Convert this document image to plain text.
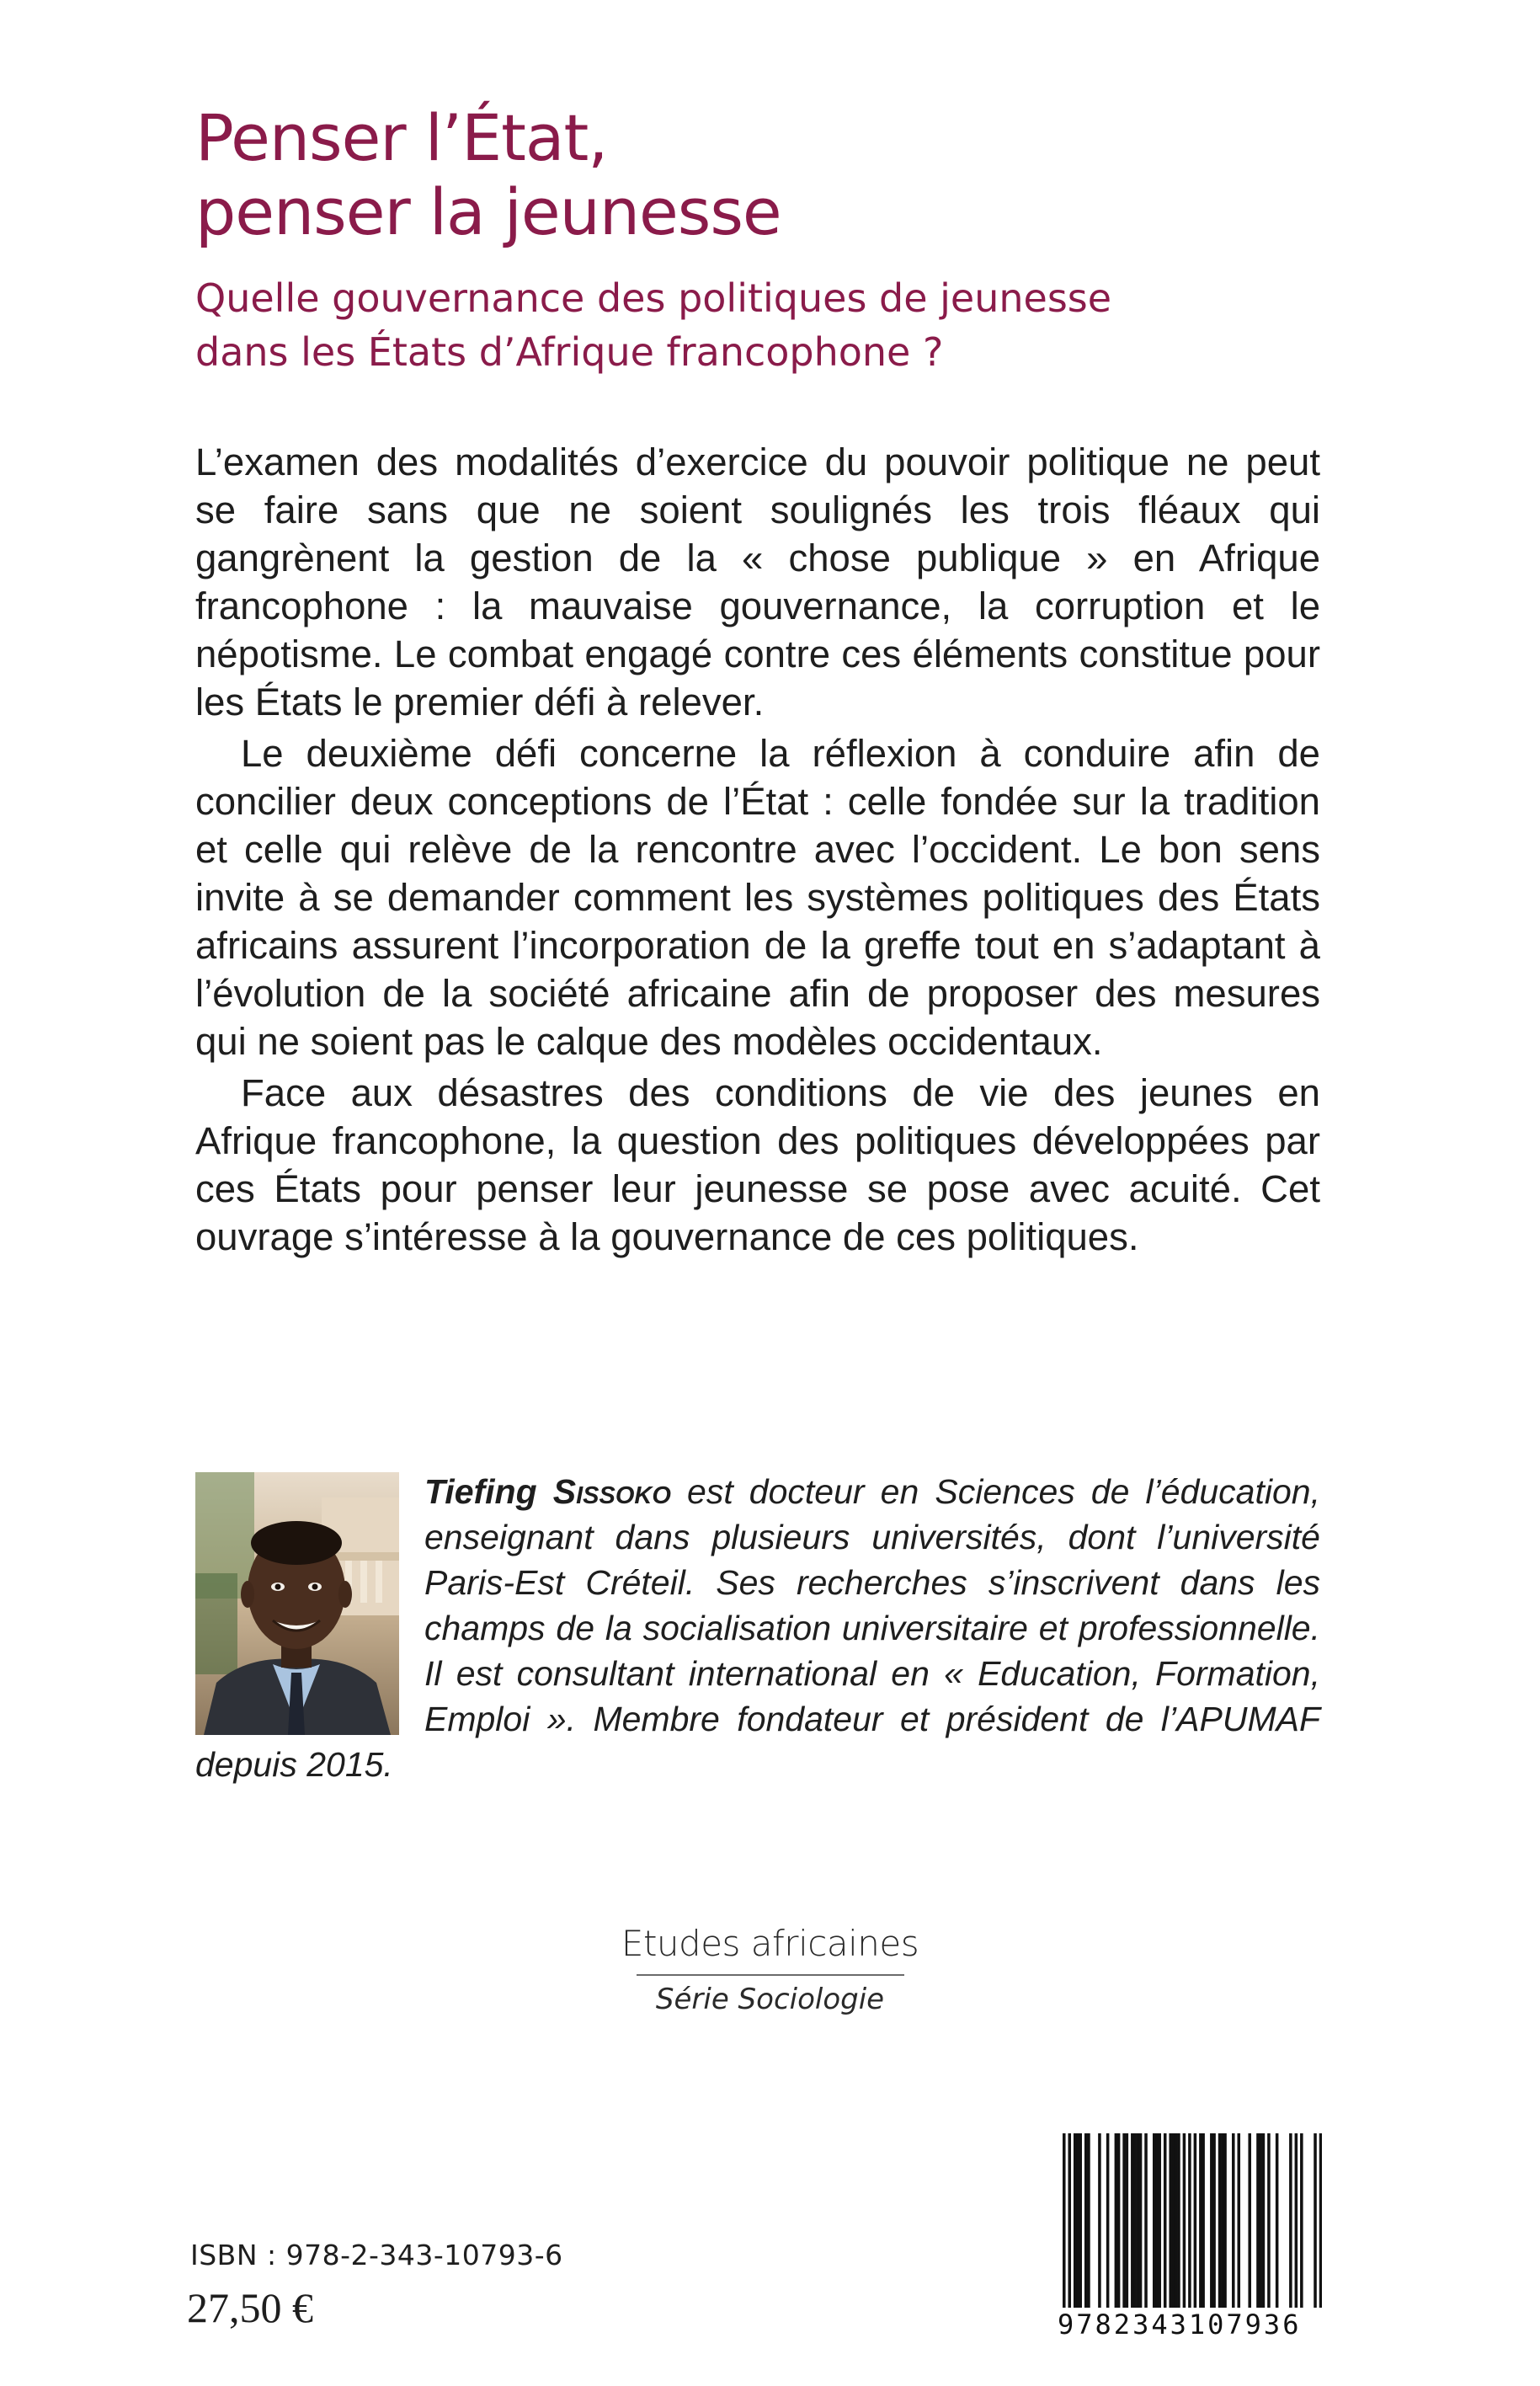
Penser l’État,
penser la jeunesse

Quelle gouvernance des politiques de jeunesse

dans les États d’Afrique francophone ?

L’examen des modalités d’exercice du pouvoir politique ne peut se faire sans que ne soient soulignés les trois fléaux qui gangrènent la gestion de la « chose publique » en Afrique francophone : la mauvaise gouvernance, la corruption et le népotisme. Le combat engagé contre ces éléments constitue pour les États le premier défi à relever.

Le deuxième défi concerne la réflexion à conduire afin de concilier deux conceptions de l’État : celle fondée sur la tradition et celle qui relève de la rencontre avec l’occident. Le bon sens invite à se demander comment les systèmes politiques des États africains assurent l’incorporation de la greffe tout en s’adaptant à l’évolution de la société africaine afin de proposer des mesures qui ne soient pas le calque des modèles occidentaux.

Face aux désastres des conditions de vie des jeunes en Afrique francophone, la question des politiques développées par ces États pour penser leur jeunesse se pose avec acuité. Cet ouvrage s’intéresse à la gouvernance de ces politiques.

Tiefing Sissoko est docteur en Sciences de l’éducation, enseignant dans plusieurs universités, dont l’université Paris-Est Créteil. Ses recherches s’inscrivent dans les champs de la socialisation universitaire et professionnelle. Il est consultant international en « Education, Formation, Emploi ». Membre fondateur et président de l’APUMAF depuis 2015.

Etudes africaines
Série Sociologie
ISBN : 978-2-343-10793-6
27,50 €	9782343107936
